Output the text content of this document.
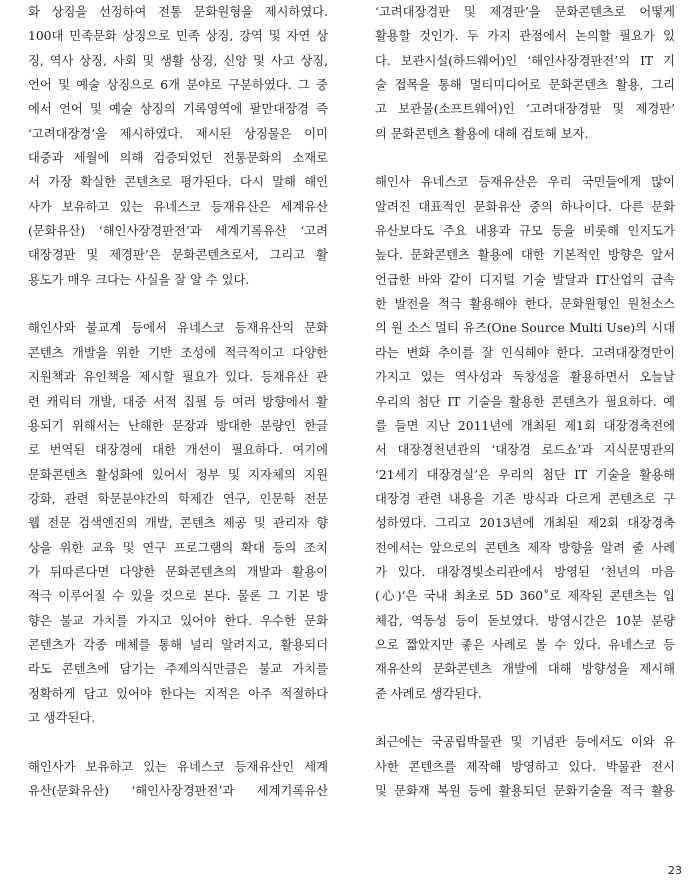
화 상징을 선정하여 전통 문화원형을 제시하였다.
100대 민족문화 상징으로 민족 상징, 강역 및 자연 상
징, 역사 상징, 사회 및 생활 상징, 신앙 및 사고 상징,
언어 및 예술 상징으로 6개 분야로 구분하였다. 그 중
에서 언어 및 예술 상징의 기록영역에 팔만대장경 즉
‘고려대장경’을 제시하였다. 제시된 상징물은 이미
대중과 세월에 의해 검증되었던 전통문화의 소재로
서 가장 확실한 콘텐츠로 평가된다. 다시 말해 해인
사가 보유하고 있는 유네스코 등재유산은 세계유산
(문화유산) ‘해인사장경판전’과 세계기록유산 ‘고려
대장경판 및 제경판’은 문화콘텐츠로서, 그리고 활
용도가 매우 크다는 사실을 잘 알 수 있다.
해인사와 불교계 등에서 유네스코 등재유산의 문화
콘텐츠 개발을 위한 기반 조성에 적극적이고 다양한
지원책과 유인책을 제시할 필요가 있다. 등재유산 관
련 캐릭터 개발, 대중 서적 집필 등 여러 방향에서 활
용되기 위해서는 난해한 문장과 방대한 분량인 한글
로 번역된 대장경에 대한 개선이 필요하다. 여기에
문화콘텐츠 활성화에 있어서 정부 및 지자체의 지원
강화, 관련 학문분야간의 학제간 연구, 인문학 전문
웹 전문 검색엔진의 개발, 콘텐츠 제공 및 관리자 향
상을 위한 교육 및 연구 프로그램의 확대 등의 조치
가 뒤따른다면 다양한 문화콘텐츠의 개발과 활용이
적극 이루어질 수 있을 것으로 본다. 물론 그 기본 방
향은 불교 가치를 가지고 있어야 한다. 우수한 문화
콘텐츠가 각종 매체를 통해 널리 알려지고, 활용되더
라도 콘텐츠에 담기는 주제의식만큼은 불교 가치를
정확하게 담고 있어야 한다는 지적은 아주 적절하다
고 생각된다.
해인사가 보유하고 있는 유네스코 등재유산인 세계
유산(문화유산) ‘해인사장경판전’과 세계기록유산
‘고려대장경판 및 제경판’을 문화콘텐츠로 어떻게
활용할 것인가. 두 가지 관점에서 논의할 필요가 있
다. 보관시설(하드웨어)인 ‘해인사장경판전’의 IT 기
술 접목을 통해 멀티미디어로 문화콘텐츠 활용, 그리
고 보관물(소프트웨어)인 ‘고려대장경판 및 제경판’
의 문화콘텐츠 활용에 대해 검토해 보자.
해인사 유네스코 등재유산은 우리 국민들에게 많이
알려진 대표적인 문화유산 중의 하나이다. 다른 문화
유산보다도 주요 내용과 규모 등을 비롯해 인지도가
높다. 문화콘텐츠 활용에 대한 기본적인 방향은 앞서
언급한 바와 같이 디지털 기술 발달과 IT산업의 급속
한 발전을 적극 활용해야 한다. 문화원형인 원천소스
의 원 소스 멀티 유즈(One Source Multi Use)의 시대
라는 변화 추이를 잘 인식해야 한다. 고려대장경만이
가지고 있는 역사성과 독창성을 활용하면서 오늘날
우리의 첨단 IT 기술을 활용한 콘텐츠가 필요하다. 예
를 들면 지난 2011년에 개최된 제1회 대장경축전에
서 대장경천년관의 ‘대장경 로드쇼’과 지식문명관의
‘21세기 대장경실’은 우리의 첨단 IT 기술을 활용해
대장경 관련 내용을 기존 방식과 다르게 콘텐츠로 구
성하였다. 그리고 2013년에 개최된 제2회 대장경축
전에서는 앞으로의 콘텐츠 제작 방향을 알려 줄 사례
가 있다. 대장경빛소리관에서 방영된 ‘천년의 마음
(心)’은 국내 최초로 5D 360˚로 제작된 콘텐츠는 입
체감, 역동성 등이 돋보였다. 방영시간은 10분 분량
으로 짧았지만 좋은 사례로 볼 수 있다. 유네스코 등
재유산의 문화콘텐츠 개발에 대해 방향성을 제시해
준 사례로 생각된다.
최근에는 국공립박물관 및 기념관 등에서도 이와 유
사한 콘텐츠를 제작해 방영하고 있다. 박물관 전시
및 문화재 복원 등에 활용되던 문화기술을 적극 활용
23
